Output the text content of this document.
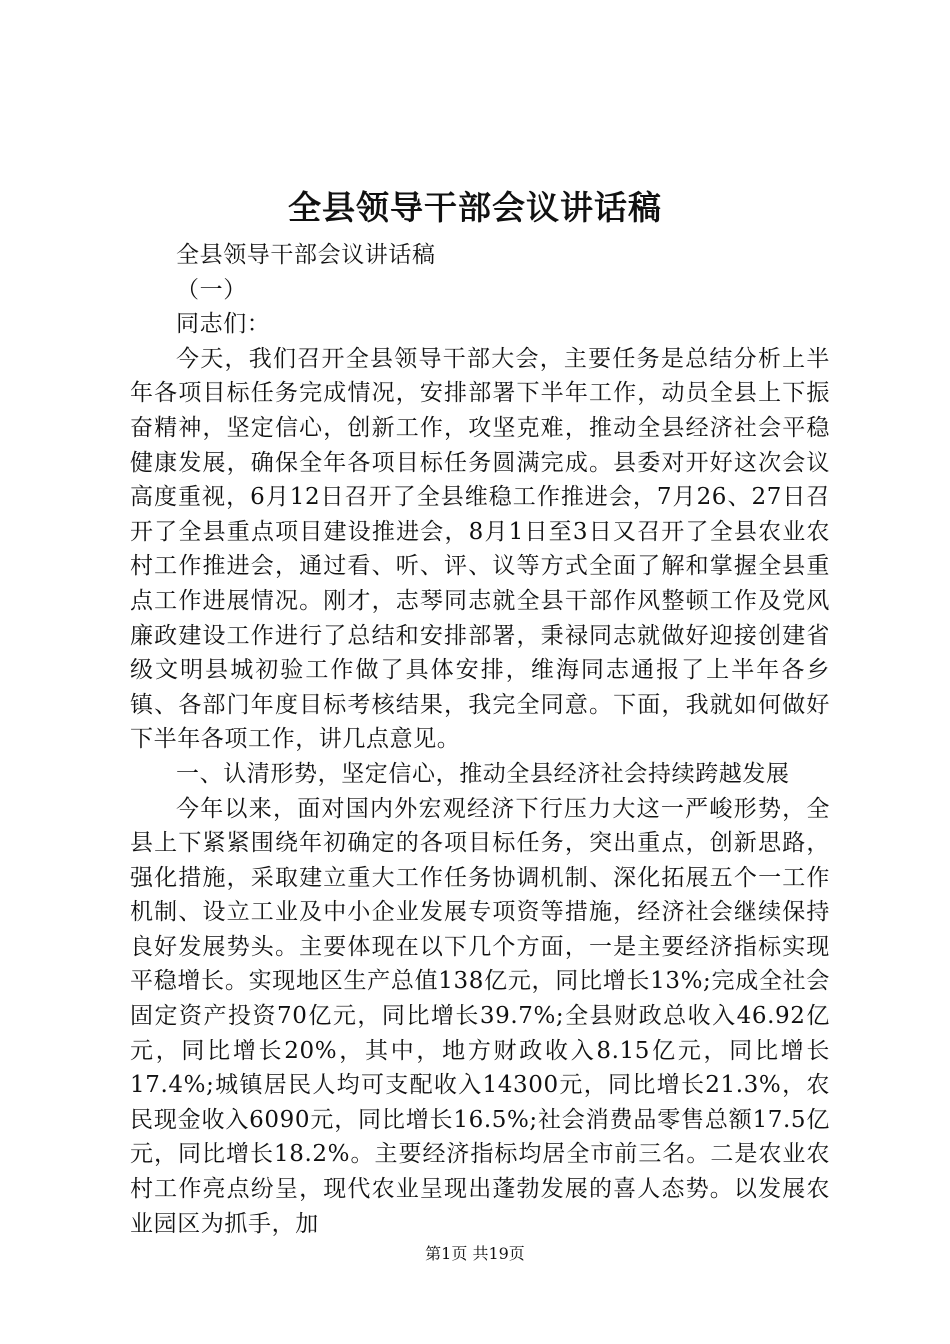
全县领导干部会议讲话稿

全县领导干部会议讲话稿

（一）

同志们：

今天，我们召开全县领导干部大会，主要任务是总结分析上半年各项目标任务完成情况，安排部署下半年工作，动员全县上下振奋精神，坚定信心，创新工作，攻坚克难，推动全县经济社会平稳健康发展，确保全年各项目标任务圆满完成。县委对开好这次会议高度重视，6月12日召开了全县维稳工作推进会，7月26、27日召开了全县重点项目建设推进会，8月1日至3日又召开了全县农业农村工作推进会，通过看、听、评、议等方式全面了解和掌握全县重点工作进展情况。刚才，志琴同志就全县干部作风整顿工作及党风廉政建设工作进行了总结和安排部署，秉禄同志就做好迎接创建省级文明县城初验工作做了具体安排，维海同志通报了上半年各乡镇、各部门年度目标考核结果，我完全同意。下面，我就如何做好下半年各项工作，讲几点意见。

一、认清形势，坚定信心，推动全县经济社会持续跨越发展

今年以来，面对国内外宏观经济下行压力大这一严峻形势，全县上下紧紧围绕年初确定的各项目标任务，突出重点，创新思路，强化措施，采取建立重大工作任务协调机制、深化拓展五个一工作机制、设立工业及中小企业发展专项资等措施，经济社会继续保持良好发展势头。主要体现在以下几个方面，一是主要经济指标实现平稳增长。实现地区生产总值138亿元，同比增长13%;完成全社会固定资产投资70亿元，同比增长39.7%;全县财政总收入46.92亿元，同比增长20%，其中，地方财政收入8.15亿元，同比增长17.4%;城镇居民人均可支配收入14300元，同比增长21.3%，农民现金收入6090元，同比增长16.5%;社会消费品零售总额17.5亿元，同比增长18.2%。主要经济指标均居全市前三名。二是农业农村工作亮点纷呈，现代农业呈现出蓬勃发展的喜人态势。以发展农业园区为抓手，加

第1页 共19页
